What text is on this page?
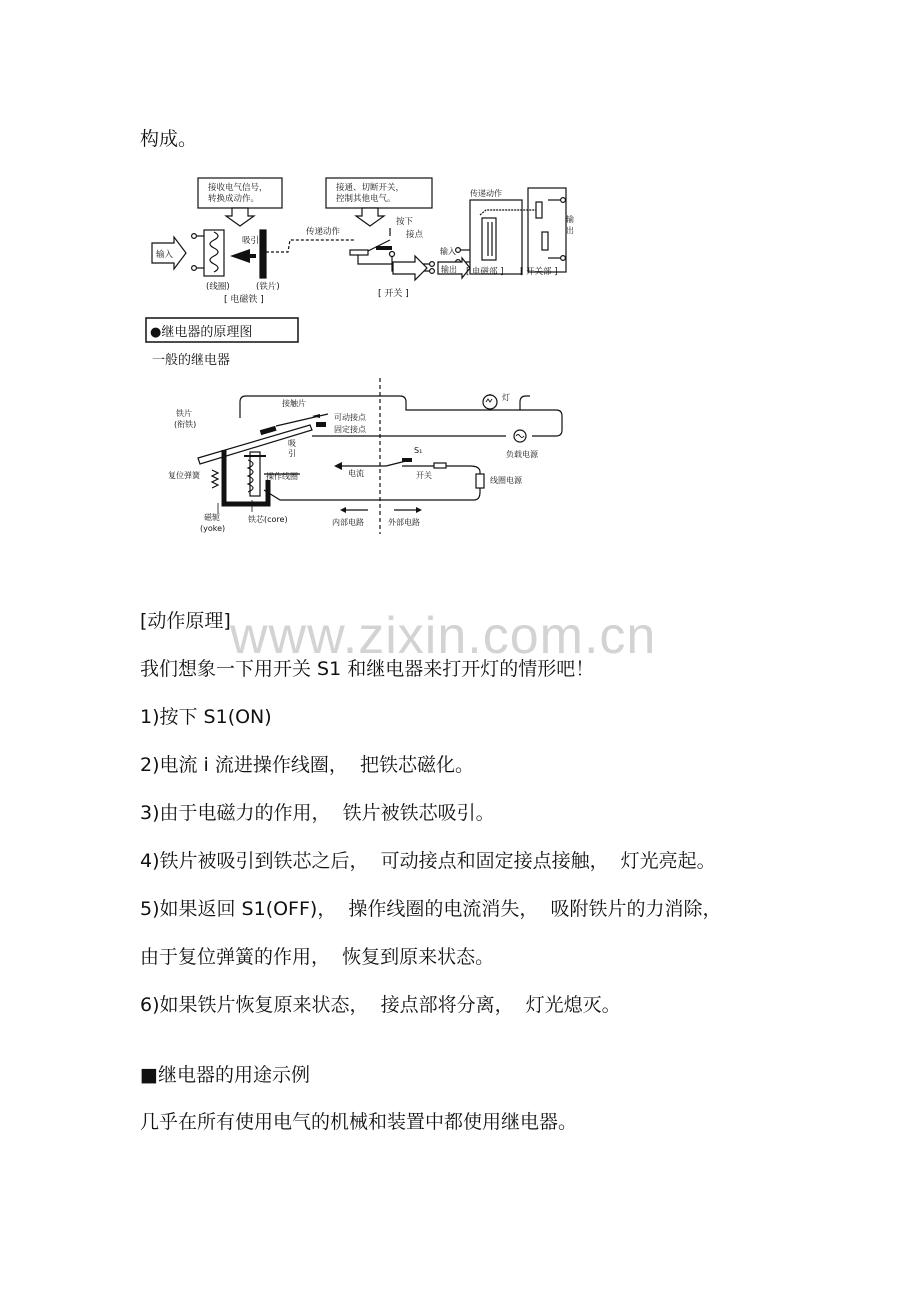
构成。

接收电气信号，转换成动作。
接通、切断开关，控制其他电气。
输入
吸引
(线圈)	(铁片)
[ 电磁铁 ]
传递动作
按下
接点
[ 开关 ]
传递动作
输出
输入
输出 [ 电磁部 ] [ 开关部 ]
●继电器的原理图
一般的继电器
接触片
可动接点
固定接点
铁片(衔铁)
吸引
复位弹簧	操作线圈	电流
S₁
开关
灯
负载电源
线圈电源
磁轭(yoke)
铁芯(core)	内部电路	外部电路
www.zixin.com.cn

[动作原理]

我们想象一下用开关 S1 和继电器来打开灯的情形吧！

1)按下 S1(ON)

2)电流 i 流进操作线圈，  把铁芯磁化。

3)由于电磁力的作用，  铁片被铁芯吸引。

4)铁片被吸引到铁芯之后，  可动接点和固定接点接触，  灯光亮起。

5)如果返回 S1(OFF)，  操作线圈的电流消失，  吸附铁片的力消除，

由于复位弹簧的作用，  恢复到原来状态。

6)如果铁片恢复原来状态，  接点部将分离，  灯光熄灭。

■继电器的用途示例

几乎在所有使用电气的机械和装置中都使用继电器。
